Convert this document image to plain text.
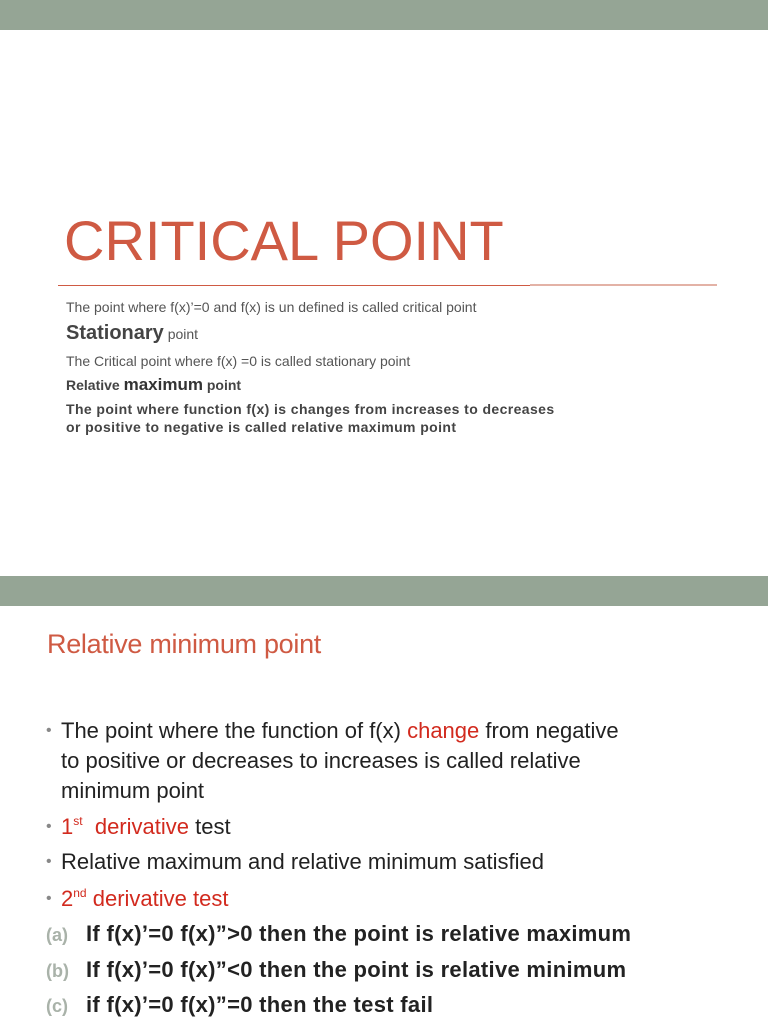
CRITICAL POINT
The point where f(x)’=0 and f(x) is un defined is called critical point
Stationary point
The Critical point where f(x) =0 is called stationary point
Relative maximum point
The point where function f(x) is changes from increases to decreases
or positive to negative is called relative maximum point
Relative minimum point
• The point where the function of f(x) change from negative
to positive or decreases to increases is called relative
minimum point
• 1st derivative test
• Relative maximum and relative minimum satisfied
• 2nd derivative test
(a) If f(x)’=0 f(x)”>0 then the point is relative maximum
(b) If f(x)’=0 f(x)”<0 then the point is relative minimum
(c) if f(x)’=0 f(x)”=0 then the test fail
